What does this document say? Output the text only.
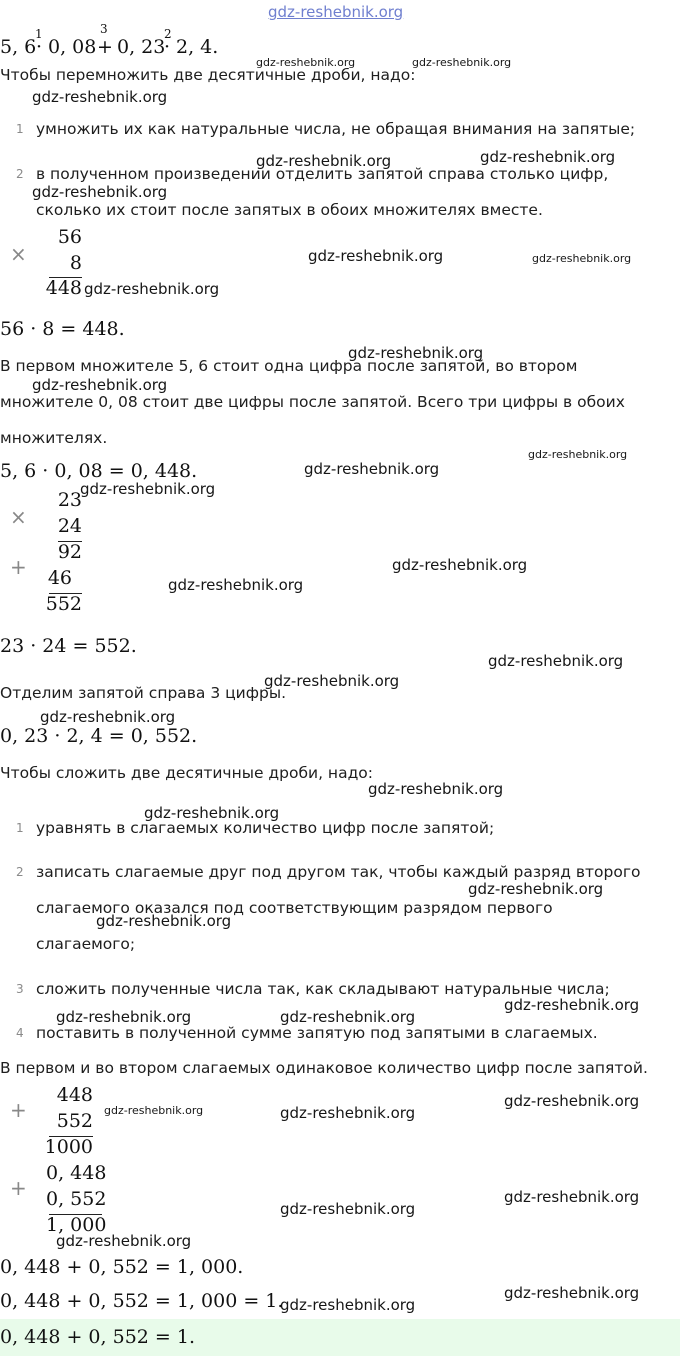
gdz-reshebnik.org
5, 6
1
· 0, 08
3
+ 0, 23
2
· 2, 4.
Чтобы перемножить две десятичные дроби, надо:
1 умножить их как натуральные числа, не обращая внимания на запятые;
2 в полученном произведении отделить запятой справа столько цифр,
сколько их стоит после запятых в обоих множителях вместе.
×
56
8
448
56 · 8 = 448.
В первом множителе 5, 6 стоит одна цифра после запятой, во втором
множителе 0, 08 стоит две цифры после запятой. Всего три цифры в обоих
множителях.
5, 6 · 0, 08 = 0, 448.
×
23
24
92
+	46
552
23 · 24 = 552.
Отделим запятой справа 3 цифры.
0, 23 · 2, 4 = 0, 552.
Чтобы сложить две десятичные дроби, надо:
1 уравнять в слагаемых количество цифр после запятой;
2 записать слагаемые друг под другом так, чтобы каждый разряд второго
слагаемого оказался под соответствующим разрядом первого
слагаемого;
3 сложить полученные числа так, как складывают натуральные числа;
4 поставить в полученной сумме запятую под запятыми в слагаемых.
В первом и во втором слагаемых одинаковое количество цифр после запятой.
+
448
552
1000
+
0, 448
0, 552
1, 000
0, 448 + 0, 552 = 1, 000.
0, 448 + 0, 552 = 1, 000 = 1.
0, 448 + 0, 552 = 1.
gdz-reshebnik.org	gdz-reshebnik.org
gdz-reshebnik.org
gdz-reshebnik.org	gdz-reshebnik.org
gdz-reshebnik.org
gdz-reshebnik.org	gdz-reshebnik.org
gdz-reshebnik.org
gdz-reshebnik.org
gdz-reshebnik.org
gdz-reshebnik.org
gdz-reshebnik.org
gdz-reshebnik.org
gdz-reshebnik.org
gdz-reshebnik.org
gdz-reshebnik.org
gdz-reshebnik.org
gdz-reshebnik.org
gdz-reshebnik.org
gdz-reshebnik.org
gdz-reshebnik.org
gdz-reshebnik.org
gdz-reshebnik.org
gdz-reshebnik.org	gdz-reshebnik.org
gdz-reshebnik.org
gdz-reshebnik.org	gdz-reshebnik.org
gdz-reshebnik.org
gdz-reshebnik.org
gdz-reshebnik.org
gdz-reshebnik.org
gdz-reshebnik.org
